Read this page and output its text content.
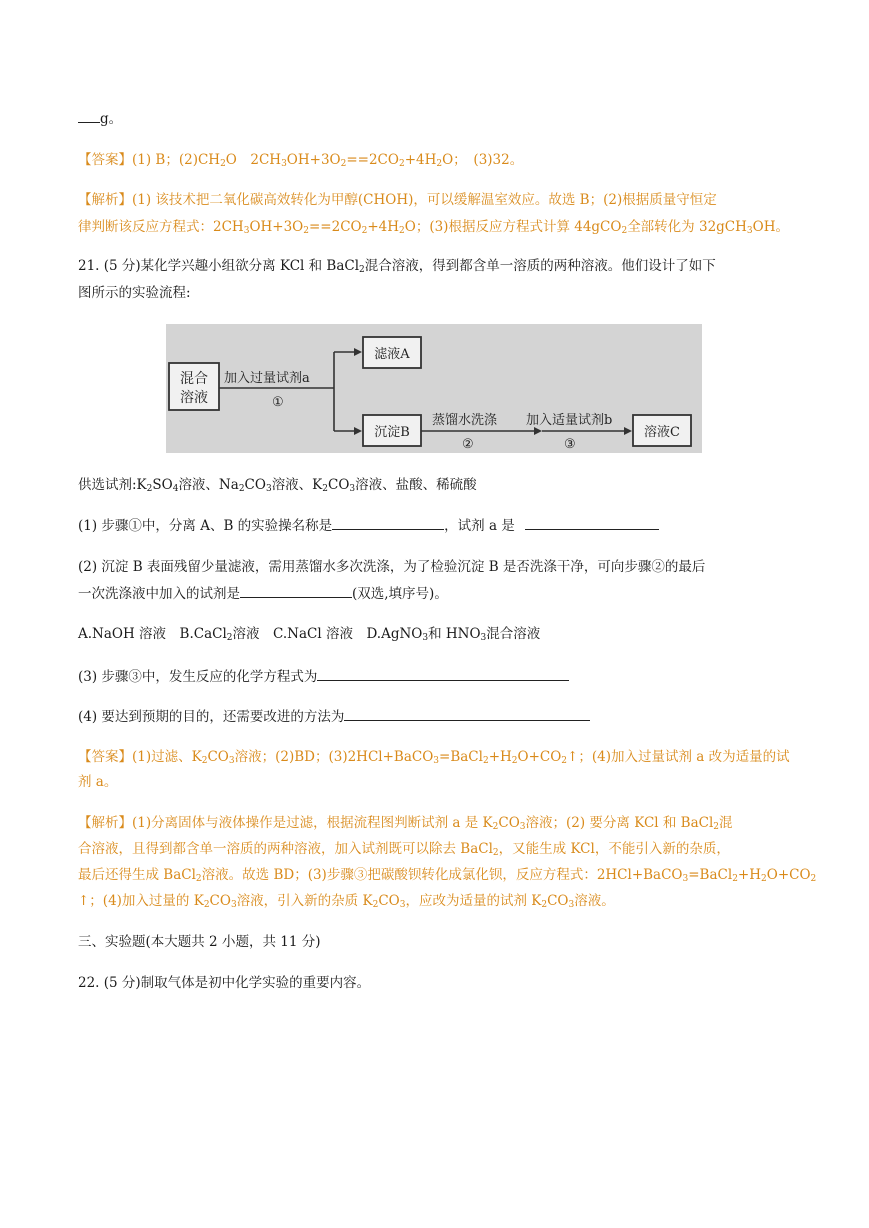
g。
【答案】(1) B；$(2)CH_2O$　$2CH_3OH+3O_2==2CO_2+4H_2O$；　(3)32。
【解析】(1) 该技术把二氧化碳高效转化为甲醇(CHOH)，可以缓解温室效应。故选 B；(2)根据质量守恒定
律判断该反应方程式：$2CH_3OH+3O_2==2CO_2+4H_2O$；(3)根据反应方程式计算 44gCO$_2$全部转化为 32gCH$_3$OH。
21. (5 分)某化学兴趣小组欲分离 KCl 和 BaCl$_2$混合溶液，得到都含单一溶质的两种溶液。他们设计了如下
图所示的实验流程:
混合
溶液
加入过量试剂a
①
滤液A
沉淀B
蒸馏水洗涤
②
加入适量试剂b
③
溶液C
供选试剂$:K_2SO_4$溶液、$Na_2CO_3$溶液、$K_2CO_3$溶液、盐酸、稀硫酸
(1) 步骤①中，分离 A、B 的实验操名称是	，试剂 a 是
(2) 沉淀 B 表面残留少量滤液，需用蒸馏水多次洗涤，为了检验沉淀 B 是否洗涤干净，可向步骤②的最后
一次洗涤液中加入的试剂是	(双选,填序号)。
A.NaOH 溶液　B.CaCl$_2$溶液　C.NaCl 溶液　D.AgNO$_3$和 $HNO_3$混合溶液
(3) 步骤③中，发生反应的化学方程式为
(4) 要达到预期的目的，还需要改进的方法为
【答案】(1)过滤、$K_2CO_3$溶液；(2)BD；$(3)2HCl+BaCO_3=BaCl_2+H_2O+CO_2↑$；(4)加入过量试剂 a 改为适量的试
剂 a。
【解析】(1)分离固体与液体操作是过滤，根据流程图判断试剂 a 是 $K_2CO_3$溶液；(2) 要分离 KCl 和 BaCl$_2$混
合溶液，且得到都含单一溶质的两种溶液，加入试剂既可以除去 BaCl$_2$，又能生成 KCl，不能引入新的杂质，
最后还得生成 BaCl$_2$溶液。故选 BD；(3)步骤③把碳酸钡转化成氯化钡，反应方程式：$2HCl+BaCO_3=BaCl_2+H_2O+CO_2$
↑；(4)加入过量的 $K_2CO_3$溶液，引入新的杂质 $K_2CO_3$，应改为适量的试剂 $K_2CO_3$溶液。
三、实验题(本大题共 2 小题，共 11 分)
22. (5 分)制取气体是初中化学实验的重要内容。
